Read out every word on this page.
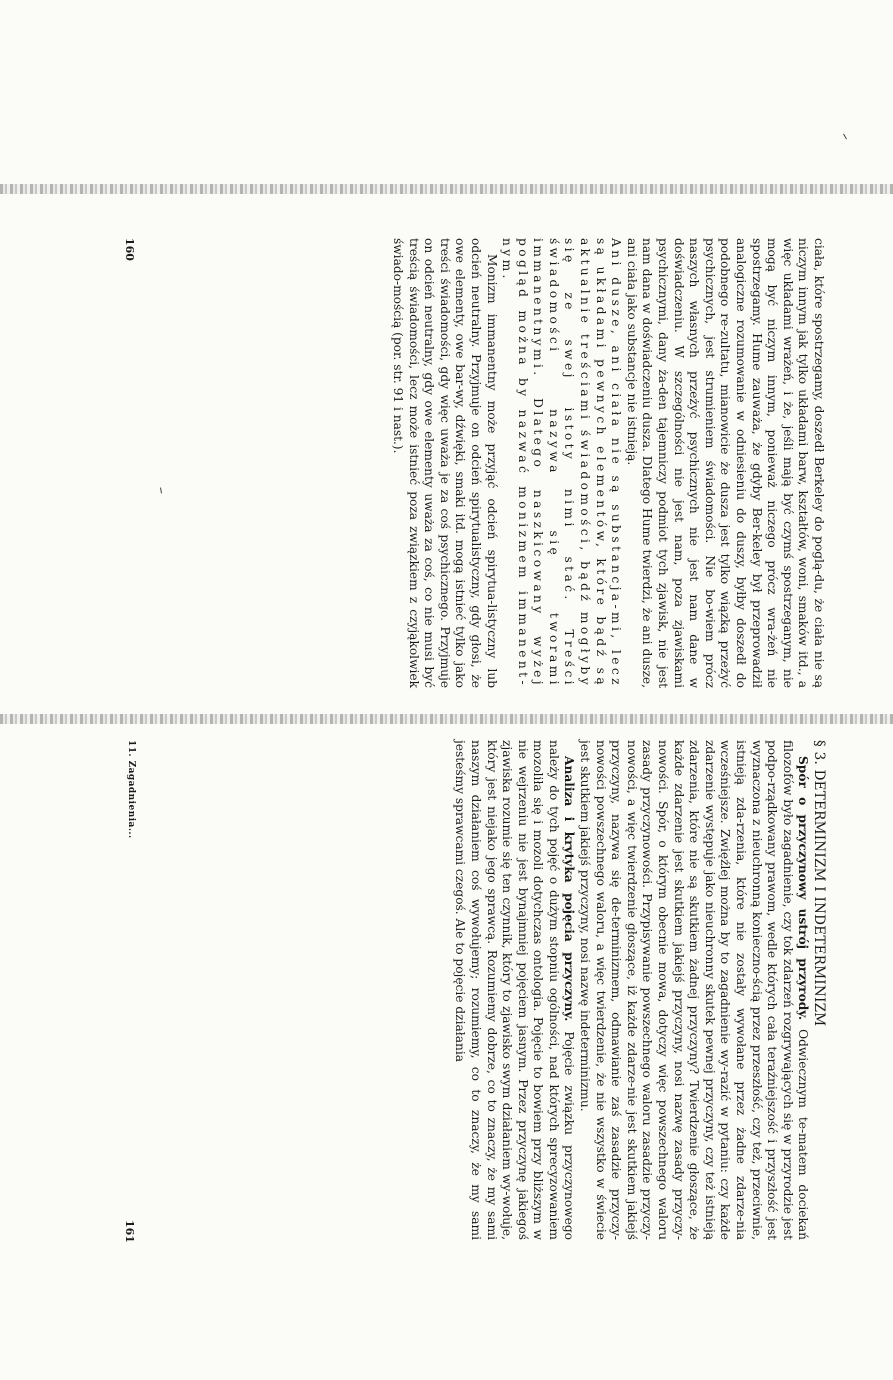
ciała, które spostrzegamy, doszedł Berkeley do poglą-du, że ciała nie są niczym innym jak tylko układami barw, kształtów, woni, smaków itd., a więc układami wrażeń, i że, jeśli mają być czymś spostrzeganym, nie mogą być niczym innym, ponieważ niczego prócz wra-żeń nie spostrzegamy. Hume zauważa, że gdyby Ber-keley był przeprowadził analogiczne rozumowanie w odniesieniu do duszy, byłby doszedł do podobnego re-zultatu, mianowicie że dusza jest tylko wiązką przeżyć psychicznych, jest strumieniem świadomości. Nie bo-wiem prócz naszych własnych przeżyć psychicznych nie jest nam dane w doświadczeniu. W szczególności nie jest nam, poza zjawiskami psychicznymi, dany ża-den tajemniczy podmiot tych zjawisk, nie jest nam dana w doświadczeniu dusza. Dlatego Hume twierdzi, że ani dusze, ani ciała jako substancje nie istnieją.

Ani dusze, ani ciała nie są substancja-mi, lecz są układami pewnych elementów, które bądź są aktualnie treściami świadomości, bądź mogłyby się ze swej istoty nimi stać. Treści świadomości nazywa się tworami immanentnymi. Dlatego naszkicowany wyżej pogląd można by nazwać monizmem immanent-nym.

Monizm immanentny może przyjąć odcień spirytua-listyczny lub odcień neutralny. Przyjmuje on odcień spirytualistyczny, gdy głosi, że owe elementy, owe bar-wy, dźwięki, smaki itd. mogą istnieć tylko jako treści świadomości, gdy więc uważa je za coś psychicznego. Przyjmuje on odcień neutralny, gdy owe elementy uważa za coś, co nie musi być treścią świadomości, lecz może istnieć poza związkiem z czyjąkolwiek świado-mością (por. str. 91 i nast.).

160

§ 3. DETERMINIZM I INDETERMINIZM

Spór o przyczynowy ustrój przyrody. Odwiecznym te-matem dociekań filozofów było zagadnienie, czy tok zdarzeń rozgrywających się w przyrodzie jest podpo-rządkowany prawom, wedle których cała teraźniejszość i przyszłość jest wyznaczona z nieuchronną konieczno-ścią przez przeszłość, czy też, przeciwnie, istnieją zda-rzenia, które nie zostały wywołane przez żadne zdarze-nia wcześniejsze. Zwięźlej można by to zagadnienie wy-razić w pytaniu: czy każde zdarzenie występuje jako nieuchronny skutek pewnej przyczyny, czy też istnieją zdarzenia, które nie są skutkiem żadnej przyczyny? Twierdzenie głoszące, że każde zdarzenie jest skutkiem jakiejś przyczyny, nosi nazwę zasady przyczy-nowości. Spór, o którym obecnie mowa, dotyczy więc powszechnego waloru zasady przyczynowości. Przypisywanie powszechnego waloru zasadzie przyczy-nowości, a więc twierdzenie głoszące, iż każde zdarze-nie jest skutkiem jakiejś przyczyny, nazywa się de-terminizmem, odmawianie zaś zasadzie przyczy-nowości powszechnego waloru, a więc twierdzenie, że nie wszystko w świecie jest skutkiem jakiejś przyczyny, nosi nazwę indeterminizmu.

Analiza i krytyka pojęcia przyczyny. Pojęcie związku przyczynowego należy do tych pojęć o dużym stopniu ogólności, nad których sprecyzowaniem mozoliła się i mozoli dotychczas ontologia. Pojęcie to bowiem przy bliższym w nie wejrzeniu nie jest bynajmniej pojęciem jasnym. Przez przyczynę jakiegoś zjawiska rozumie się ten czynnik, który to zjawisko swym działaniem wy-wołuje, który jest niejako jego sprawcą. Rozumiemy dobrze, co to znaczy, że my sami naszym działaniem coś wywołujemy; rozumiemy, co to znaczy, że my sami jesteśmy sprawcami czegoś. Ale to pojęcie działania

11. Zagadnienia...
161
